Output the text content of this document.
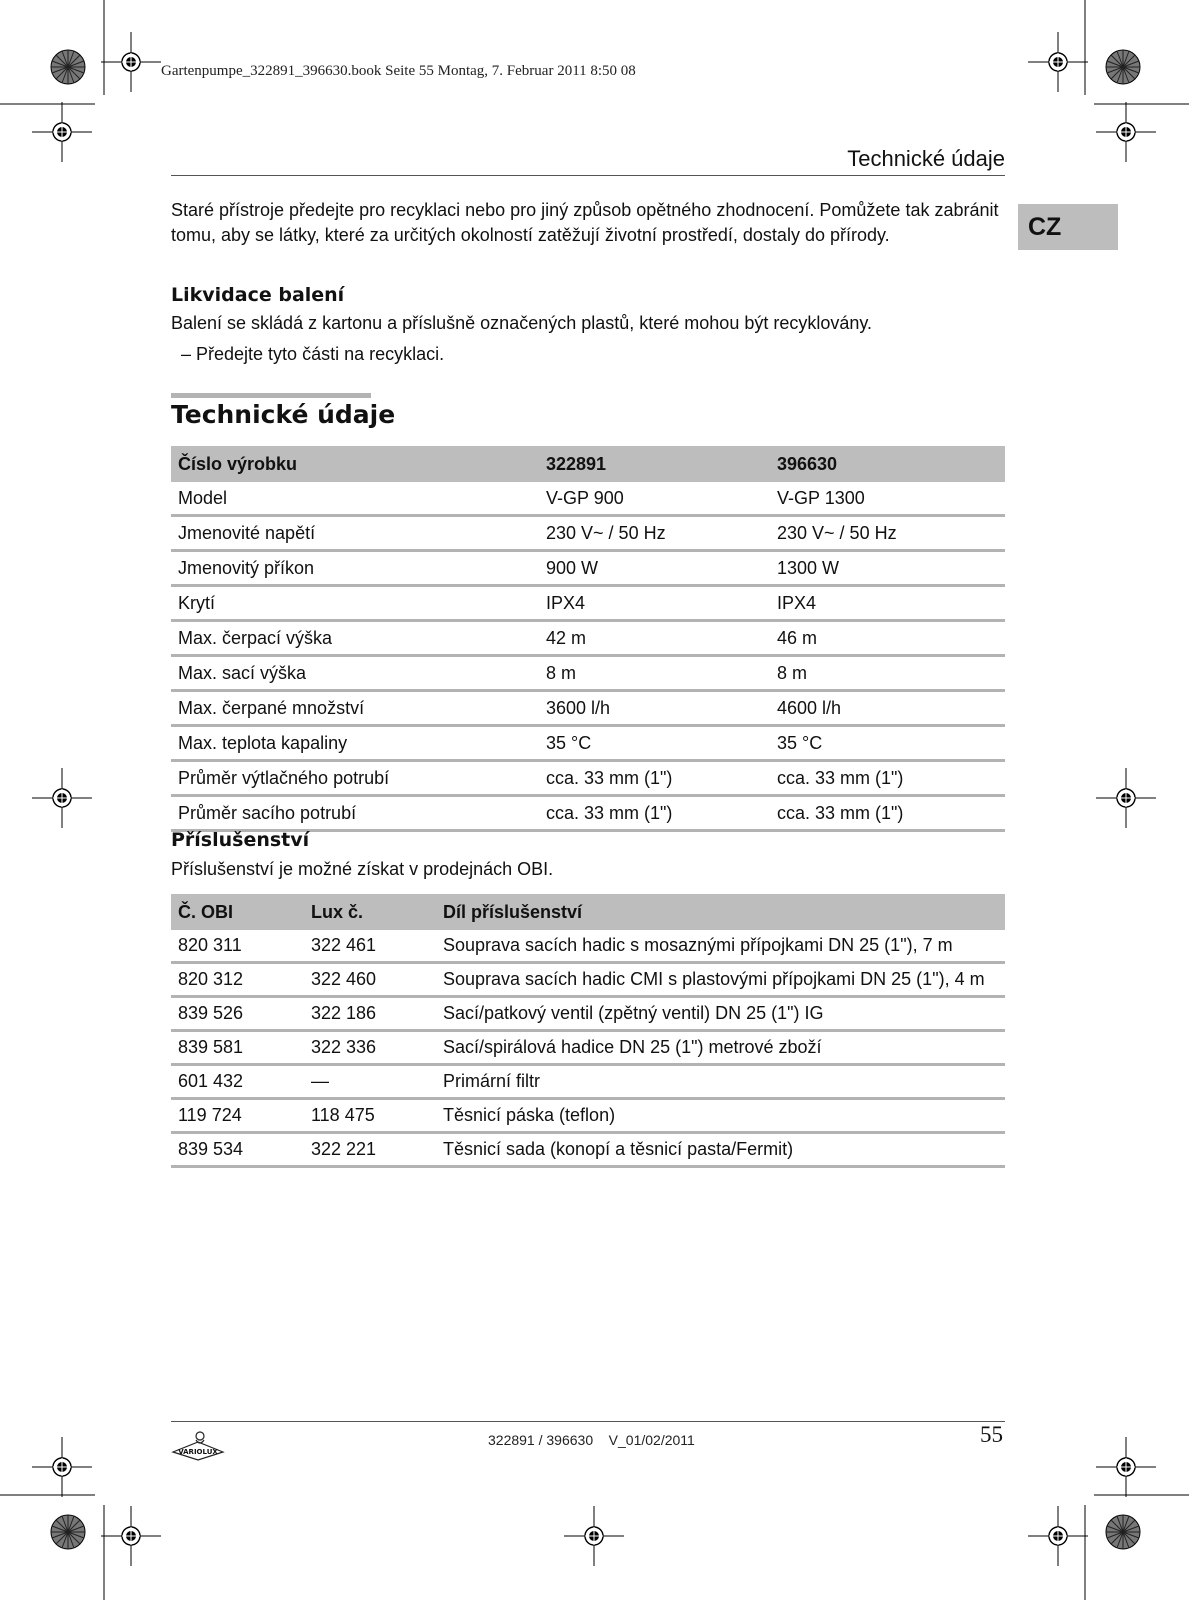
Gartenpumpe_322891_396630.book Seite 55 Montag, 7. Februar 2011 8:50 08
Technické údaje
CZ
Staré přístroje předejte pro recyklaci nebo pro jiný způsob opětného zhodnocení. Pomůžete tak zabránit tomu, aby se látky, které za určitých okolností zatěžují životní prostředí, dostaly do přírody.
Likvidace balení
Balení se skládá z kartonu a příslušně označených plastů, které mohou být recyklovány.
– Předejte tyto části na recyklaci.
Technické údaje
Číslo výrobku	322891	396630
Model	V-GP 900	V-GP 1300
Jmenovité napětí	230 V~ / 50 Hz	230 V~ / 50 Hz
Jmenovitý příkon	900 W	1300 W
Krytí	IPX4	IPX4
Max. čerpací výška	42 m	46 m
Max. sací výška	8 m	8 m
Max. čerpané množství	3600 l/h	4600 l/h
Max. teplota kapaliny	35 °C	35 °C
Průměr výtlačného potrubí	cca. 33 mm (1")	cca. 33 mm (1")
Průměr sacího potrubí	cca. 33 mm (1")	cca. 33 mm (1")
Příslušenství
Příslušenství je možné získat v prodejnách OBI.
Č. OBI	Lux č.	Díl příslušenství
820 311	322 461	Souprava sacích hadic s mosaznými přípojkami DN 25 (1"), 7 m
820 312	322 460	Souprava sacích hadic CMI s plastovými přípojkami DN 25 (1"), 4 m
839 526	322 186	Sací/patkový ventil (zpětný ventil) DN 25 (1") IG
839 581	322 336	Sací/spirálová hadice DN 25 (1") metrové zboží
601 432	—	Primární filtr
119 724	118 475	Těsnicí páska (teflon)
839 534	322 221	Těsnicí sada (konopí a těsnicí pasta/Fermit)
VARIOLUX
322891 / 396630    V_01/02/2011	55
